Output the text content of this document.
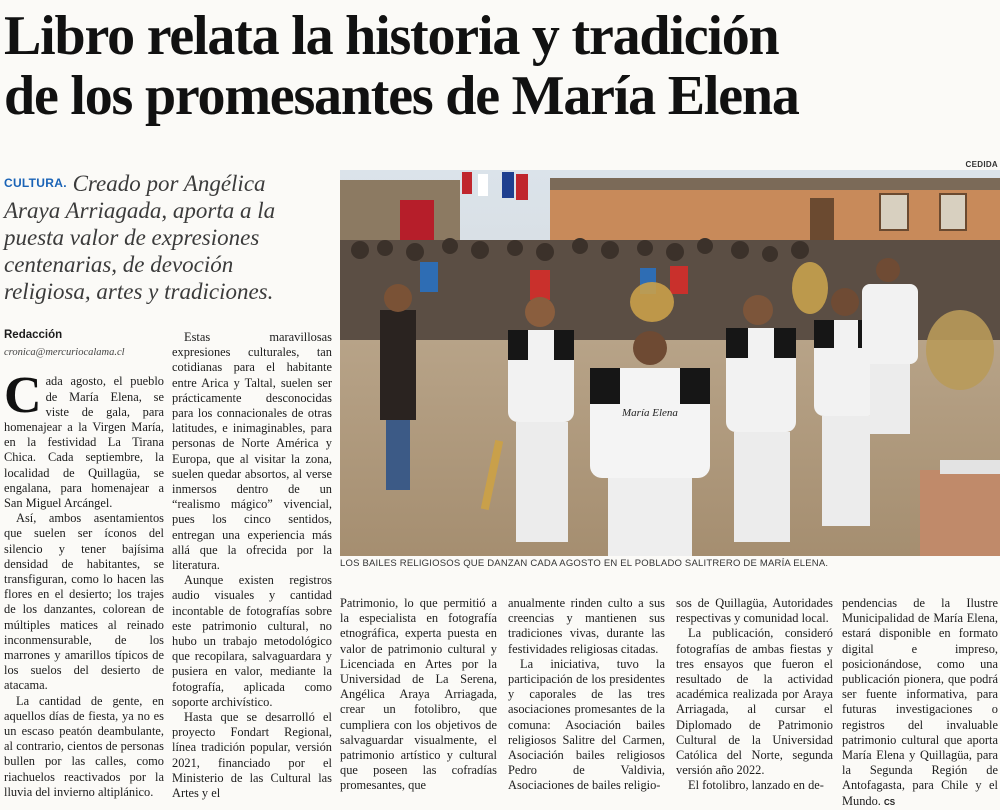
Libro relata la historia y tradición
de los promesantes de María Elena
CEDIDA
CULTURA. Creado por Angélica Araya Arriagada, aporta a la puesta valor de expresiones centenarias, de devoción religiosa, artes y tradiciones.
María Elena
LOS BAILES RELIGIOSOS QUE DANZAN CADA AGOSTO EN EL POBLADO SALITRERO DE MARÍA ELENA.
Redacción
cronica@mercuriocalama.cl

Cada agosto, el pueblo de María Elena, se viste de gala, para homenajear a la Virgen María, en la festividad La Tirana Chica. Cada septiembre, la localidad de Quillagüa, se engalana, para homenajear a San Miguel Arcángel.

Así, ambos asentamientos que suelen ser íconos del silencio y tener bajísima densidad de habitantes, se transfiguran, como lo hacen las flores en el desierto; los trajes de los danzantes, colorean de múltiples matices al reinado inconmensurable, de los marrones y amarillos típicos de los suelos del desierto de atacama.

La cantidad de gente, en aquellos días de fiesta, ya no es un escaso peatón deambulante, al contrario, cientos de personas bullen por las calles, como riachuelos reactivados por la lluvia del invierno altiplánico.

Estas maravillosas expresiones culturales, tan cotidianas para el habitante entre Arica y Taltal, suelen ser prácticamente desconocidas para los connacionales de otras latitudes, e inimaginables, para personas de Norte América y Europa, que al visitar la zona, suelen quedar absortos, al verse inmersos dentro de un “realismo mágico” vivencial, pues los cinco sentidos, entregan una experiencia más allá que la ofrecida por la literatura.

Aunque existen registros audio visuales y cantidad incontable de fotografías sobre este patrimonio cultural, no hubo un trabajo metodológico que recopilara, salvaguardara y pusiera en valor, mediante la fotografía, aplicada como soporte archivístico.

Hasta que se desarrolló el proyecto Fondart Regional, línea tradición popular, versión 2021, financiado por el Ministerio de las Cultural las Artes y el

Patrimonio, lo que permitió a la especialista en fotografía etnográfica, experta puesta en valor de patrimonio cultural y Licenciada en Artes por la Universidad de La Serena, Angélica Araya Arriagada, crear un fotolibro, que cumpliera con los objetivos de salvaguardar visualmente, el patrimonio artístico y cultural que poseen las cofradías promesantes, que

anualmente rinden culto a sus creencias y mantienen sus tradiciones vivas, durante las festividades religiosas citadas.

La iniciativa, tuvo la participación de los presidentes y caporales de las tres asociaciones promesantes de la comuna: Asociación bailes religiosos Salitre del Carmen, Asociación bailes religiosos Pedro de Valdivia, Asociaciones de bailes religio-

sos de Quillagüa, Autoridades respectivas y comunidad local.

La publicación, consideró fotografías de ambas fiestas y tres ensayos que fueron el resultado de la actividad académica realizada por Araya Arriagada, al cursar el Diplomado de Patrimonio Cultural de la Universidad Católica del Norte, segunda versión año 2022.

El fotolibro, lanzado en de-

pendencias de la Ilustre Municipalidad de María Elena, estará disponible en formato digital e impreso, posicionándose, como una publicación pionera, que podrá ser fuente informativa, para futuras investigaciones o registros del invaluable patrimonio cultural que aporta María Elena y Quillagüa, para la Segunda Región de Antofagasta, para Chile y el Mundo. CS
